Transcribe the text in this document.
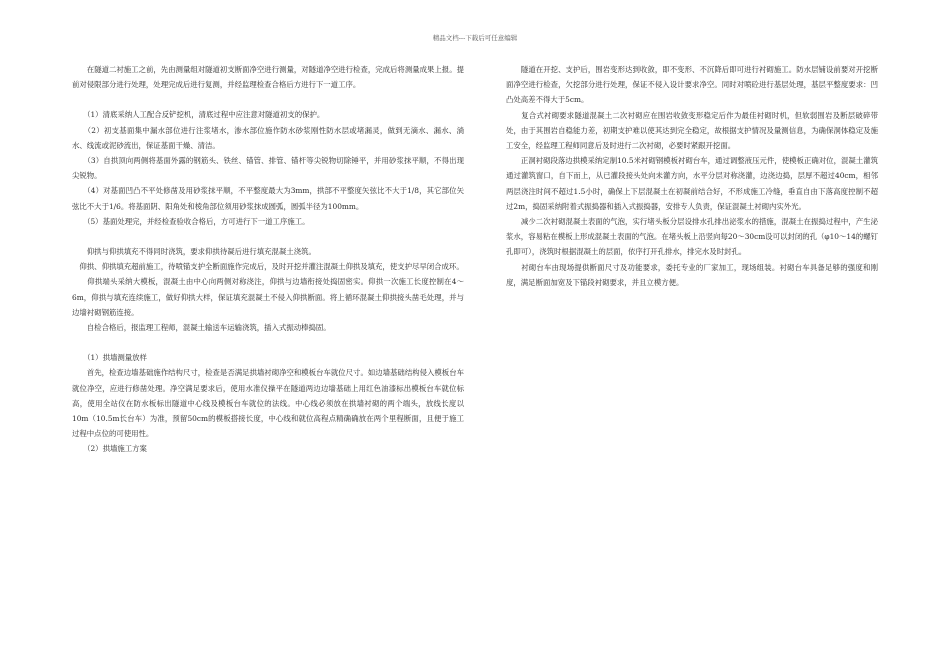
精品文档---下载后可任意编辑

　　在隧道二衬施工之前，先由测量组对隧道初支断面净空进行测量，对隧道净空进行检查，完成后将测量成果上报。提前对侵限部分进行处理，处理完成后进行复测，并经监理检查合格后方进行下一道工序。

　　（1）清底采纳人工配合反铲挖机，清底过程中应注意对隧道初支的保护。

　　（2）初支基面集中漏水部位进行注浆堵水，渗水部位施作防水砂浆刚性防水层或堵漏灵，做到无滴水、漏水、淌水、线流或泥砂流出，保证基面干燥、清洁。

　　（3）自拱顶向两侧将基面外露的钢筋头、铁丝、锚管、排管、锚杆等尖锐物切除锤平，并用砂浆抹平顺，不得出现尖锐物。

　　（4）对基面凹凸不平处修凿及用砂浆抹平顺，不平整度最大为3mm，拱部不平整度矢弦比不大于1/8，其它部位矢弦比不大于1/6。将基面阴、阳角处和棱角部位须用砂浆抹成圆弧，圆弧半径为100mm。

　　（5）基面处理完，并经检查验收合格后，方可进行下一道工序施工。

　　仰拱与仰拱填充不得同时浇筑，要求仰拱待凝后进行填充混凝土浇筑。

　仰拱、仰拱填充超前施工，待喷锚支护全断面施作完成后，及时开挖并灌注混凝土仰拱及填充，使支护尽早闭合成环。

　　仰拱端头采纳大模板，混凝土由中心向两侧对称浇注，仰拱与边墙衔接处捣固密实。仰拱一次施工长度控制在4～6m，仰拱与填充连续施工，做好仰拱大样，保证填充混凝土不侵入仰拱断面。将上循环混凝土仰拱接头凿毛处理，并与边墙衬砌钢筋连接。

　　自检合格后，报监理工程师，混凝土输送车运输浇筑，插入式振动棒捣固。

　　（1）拱墙测量放样

　　首先，检查边墙基础施作结构尺寸，检查是否满足拱墙衬砌净空和模板台车就位尺寸。如边墙基础结构侵入模板台车就位净空，应进行修凿处理。净空满足要求后，使用水准仪操平在隧道两边边墙基础上用红色油漆标出模板台车就位标高，使用全站仪在防水板标出隧道中心线及模板台车就位的法线。中心线必须放在拱墙衬砌的两个端头，放线长度以10m（10.5m长台车）为准，预留50cm的模板搭接长度，中心线和就位高程点精确确放在两个里程断面，且便于施工过程中点位的可使用性。

　　（2）拱墙施工方案

　　隧道在开挖、支护后，围岩变形达到收敛，即不变形、不沉降后即可进行衬砌施工。防水层铺设前要对开挖断面净空进行检查，欠挖部分进行处理，保证不侵入设计要求净空。同时对喷砼进行基层处理，基层平整度要求：凹凸处高差不得大于5cm。

　　复合式衬砌要求隧道混凝土二次衬砌应在围岩收敛变形稳定后作为最佳衬砌时机，但软弱围岩及断层破碎带处，由于其围岩自稳能力差，初期支护难以使其达到完全稳定，故根据支护情况及量测信息，为确保洞体稳定及施工安全，经监理工程师同意后及时进行二次衬砌，必要时紧跟开挖面。

　　正洞衬砌段落边拱模采纳定制10.5米衬砌钢模板衬砌台车，通过调整液压元件，使模板正确对位，混凝土灌筑通过灌筑窗口，自下而上，从已灌段接头处向未灌方向，水平分层对称浇灌，边浇边捣，层厚不超过40cm，相邻两层浇注时间不超过1.5小时，确保上下层混凝土在初凝前结合好，不形成施工冷缝，垂直自由下落高度控制不超过2m，捣固采纳附着式振捣器和插入式振捣器，安排专人负责，保证混凝土衬砌内实外光。

　　减少二次衬砌混凝土表面的气泡，实行堵头板分层设排水孔排出泌浆水的措施，混凝土在振捣过程中，产生泌浆水，容易粘在模板上形成混凝土表面的气泡。在堵头板上沿竖向每20～30cm设可以封闭的孔（φ10～14的螺钉孔即可），浇筑时根据混凝土的层面，依序打开孔排水，排完水及时封孔。

　　衬砌台车由现场提供断面尺寸及功能要求，委托专业的厂家加工，现场组装。衬砌台车具备足够的强度和刚度，满足断面加宽及下锚段衬砌要求，并且立模方便。
